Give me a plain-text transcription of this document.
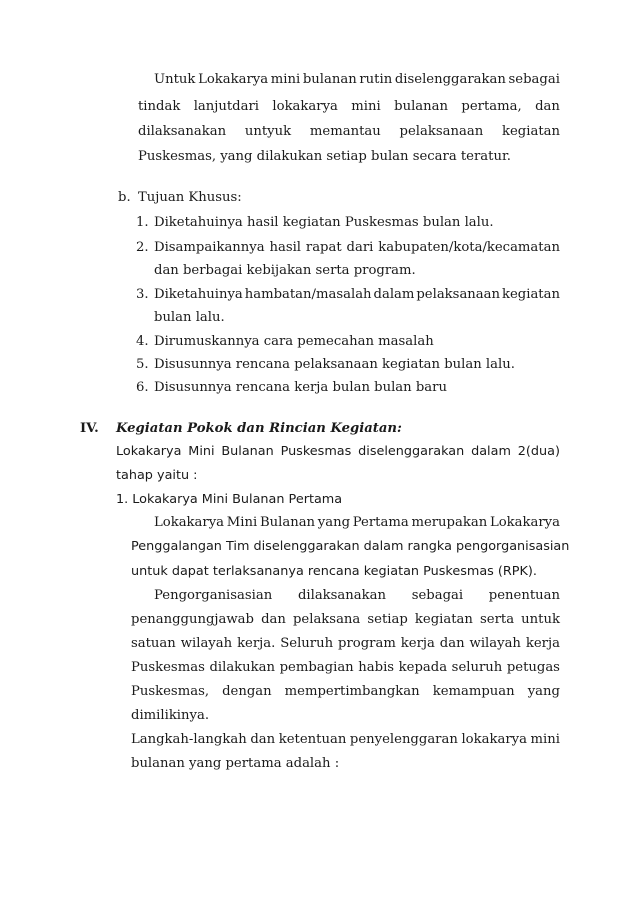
Untuk Lokakarya mini bulanan rutin diselenggarakan sebagai
tindak lanjutdari lokakarya mini bulanan pertama, dan
dilaksanakan untyuk memantau pelaksanaan kegiatan
Puskesmas, yang dilakukan setiap bulan secara teratur.
b. Tujuan Khusus:
1. Diketahuinya hasil kegiatan Puskesmas bulan lalu.
2. Disampaikannya hasil rapat dari kabupaten/kota/kecamatan
dan berbagai kebijakan serta program.
3. Diketahuinya hambatan/masalah dalam pelaksanaan kegiatan
bulan lalu.
4. Dirumuskannya cara pemecahan masalah
5. Disusunnya rencana pelaksanaan kegiatan bulan lalu.
6. Disusunnya rencana kerja bulan bulan baru
IV. Kegiatan Pokok dan Rincian Kegiatan:
Lokakarya Mini Bulanan Puskesmas diselenggarakan dalam 2(dua)
tahap yaitu :
1. Lokakarya Mini Bulanan Pertama
Lokakarya Mini Bulanan yang Pertama merupakan Lokakarya
Penggalangan Tim diselenggarakan dalam rangka pengorganisasian
untuk dapat terlaksananya rencana kegiatan Puskesmas (RPK).
Pengorganisasian dilaksanakan sebagai penentuan
penanggungjawab dan pelaksana setiap kegiatan serta untuk
satuan wilayah kerja. Seluruh program kerja dan wilayah kerja
Puskesmas dilakukan pembagian habis kepada seluruh petugas
Puskesmas, dengan mempertimbangkan kemampuan yang
dimilikinya.
Langkah-langkah dan ketentuan penyelenggaran lokakarya mini
bulanan yang pertama adalah :
